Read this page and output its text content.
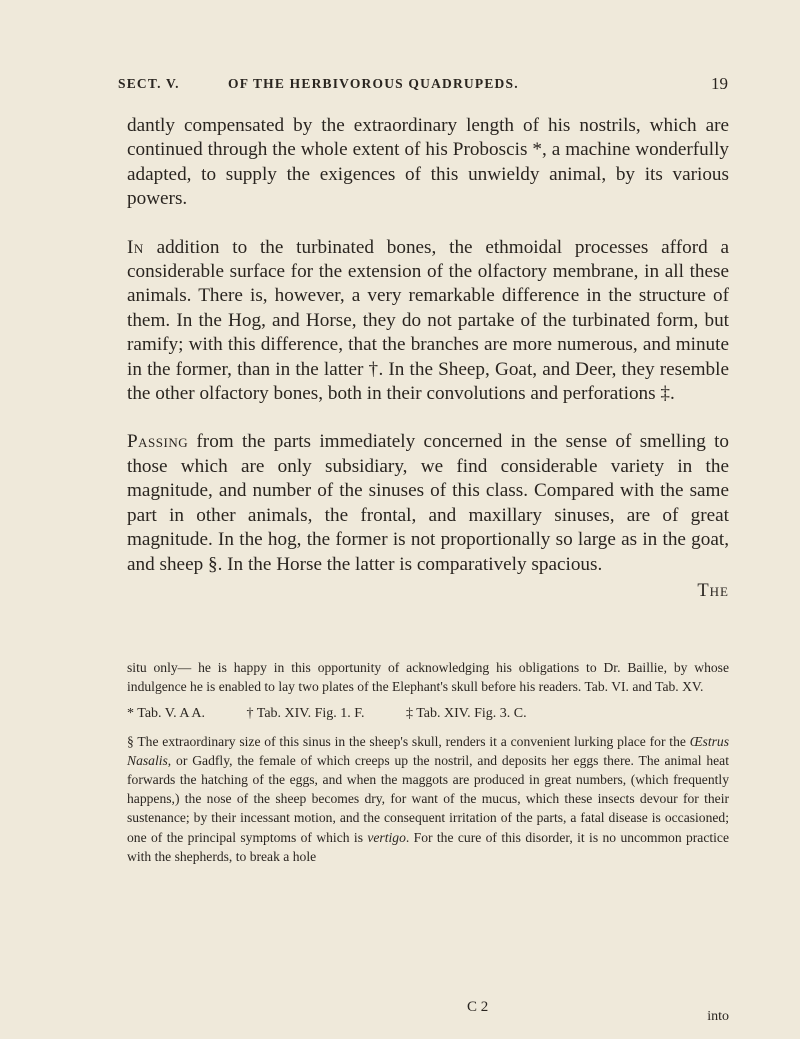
SECT. V.	OF THE HERBIVOROUS QUADRUPEDS.	19

dantly compensated by the extraordinary length of his nostrils, which are continued through the whole extent of his Proboscis *, a machine wonderfully adapted, to supply the exigences of this unwieldy animal, by its various powers.

In addition to the turbinated bones, the ethmoidal processes afford a considerable surface for the extension of the olfactory membrane, in all these animals. There is, however, a very remarkable difference in the structure of them. In the Hog, and Horse, they do not partake of the turbinated form, but ramify; with this difference, that the branches are more numerous, and minute in the former, than in the latter †. In the Sheep, Goat, and Deer, they resemble the other olfactory bones, both in their convolutions and perforations ‡.

Passing from the parts immediately concerned in the sense of smelling to those which are only subsidiary, we find considerable variety in the magnitude, and number of the sinuses of this class. Compared with the same part in other animals, the frontal, and maxillary sinuses, are of great magnitude. In the hog, the former is not proportionally so large as in the goat, and sheep §. In the Horse the latter is comparatively spacious.

The

situ only— he is happy in this opportunity of acknowledging his obligations to Dr. Baillie, by whose indulgence he is enabled to lay two plates of the Elephant's skull before his readers. Tab. VI. and Tab. XV.

* Tab. V. A A.	† Tab. XIV. Fig. 1. F.	‡ Tab. XIV. Fig. 3. C.

§ The extraordinary size of this sinus in the sheep's skull, renders it a convenient lurking place for the Œstrus Nasalis, or Gadfly, the female of which creeps up the nostril, and deposits her eggs there. The animal heat forwards the hatching of the eggs, and when the maggots are produced in great numbers, (which frequently happens,) the nose of the sheep becomes dry, for want of the mucus, which these insects devour for their sustenance; by their incessant motion, and the consequent irritation of the parts, a fatal disease is occasioned; one of the principal symptoms of which is vertigo. For the cure of this disorder, it is no uncommon practice with the shepherds, to break a hole

C 2
into
